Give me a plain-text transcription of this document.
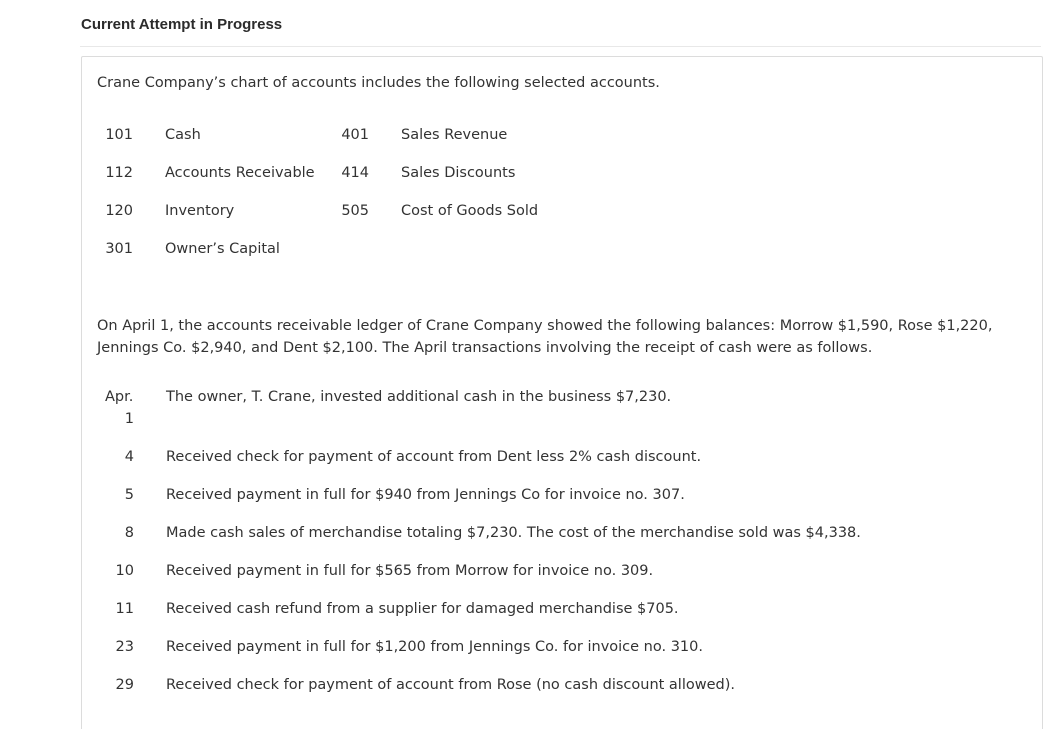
Current Attempt in Progress
Crane Company’s chart of accounts includes the following selected accounts.
101 Cash
112 Accounts Receivable
120 Inventory
301 Owner’s Capital
401 Sales Revenue
414 Sales Discounts
505 Cost of Goods Sold
On April 1, the accounts receivable ledger of Crane Company showed the following balances: Morrow $1,590, Rose $1,220, Jennings Co. $2,940, and Dent $2,100. The April transactions involving the receipt of cash were as follows.
Apr.
1
The owner, T. Crane, invested additional cash in the business $7,230.
4 Received check for payment of account from Dent less 2% cash discount.
5 Received payment in full for $940 from Jennings Co for invoice no. 307.
8 Made cash sales of merchandise totaling $7,230. The cost of the merchandise sold was $4,338.
10 Received payment in full for $565 from Morrow for invoice no. 309.
11 Received cash refund from a supplier for damaged merchandise $705.
23 Received payment in full for $1,200 from Jennings Co. for invoice no. 310.
29 Received check for payment of account from Rose (no cash discount allowed).
